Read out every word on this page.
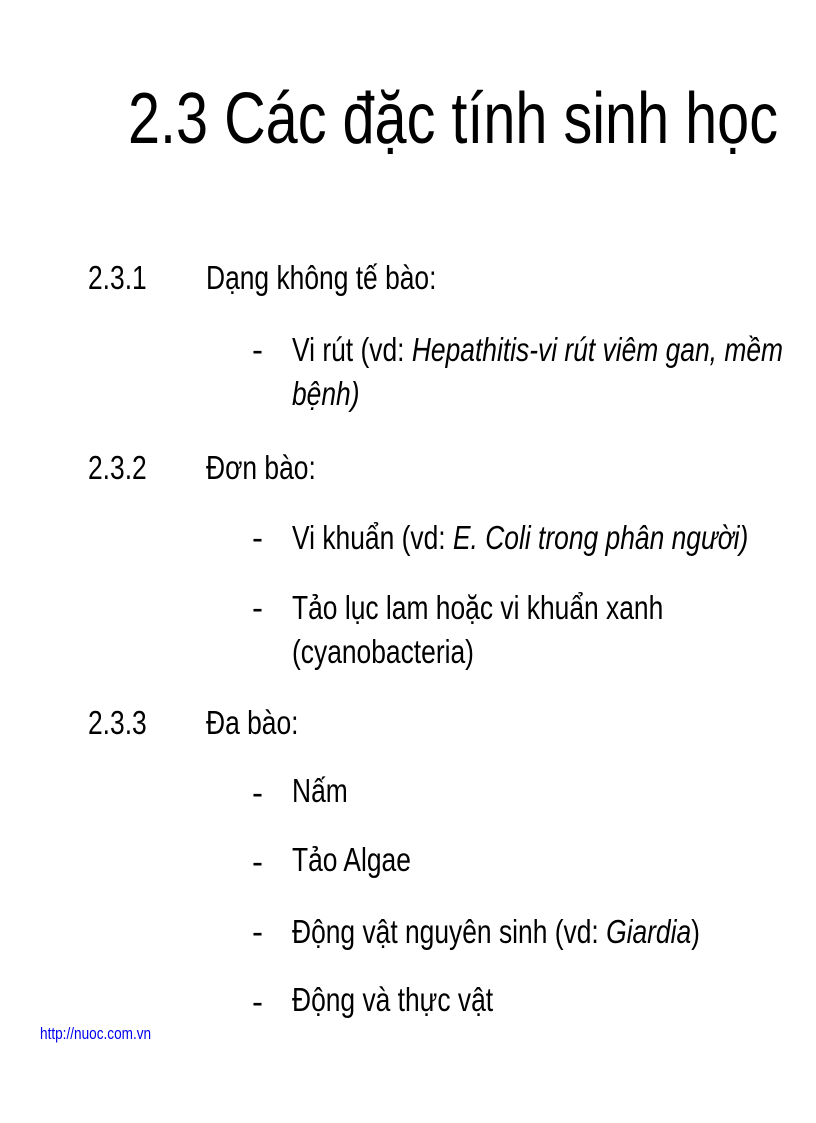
2.3 Các đặc tính sinh học
2.3.1	Dạng không tế bào:
- Vi rút (vd: Hepathitis-vi rút viêm gan, mềm
bệnh)
2.3.2	Đơn bào:
- Vi khuẩn (vd: E. Coli trong phân người)
- Tảo lục lam hoặc vi khuẩn xanh
(cyanobacteria)
2.3.3	Đa bào:
- Nấm
- Tảo Algae
- Động vật nguyên sinh (vd: Giardia)
- Động và thực vật
http://nuoc.com.vn
